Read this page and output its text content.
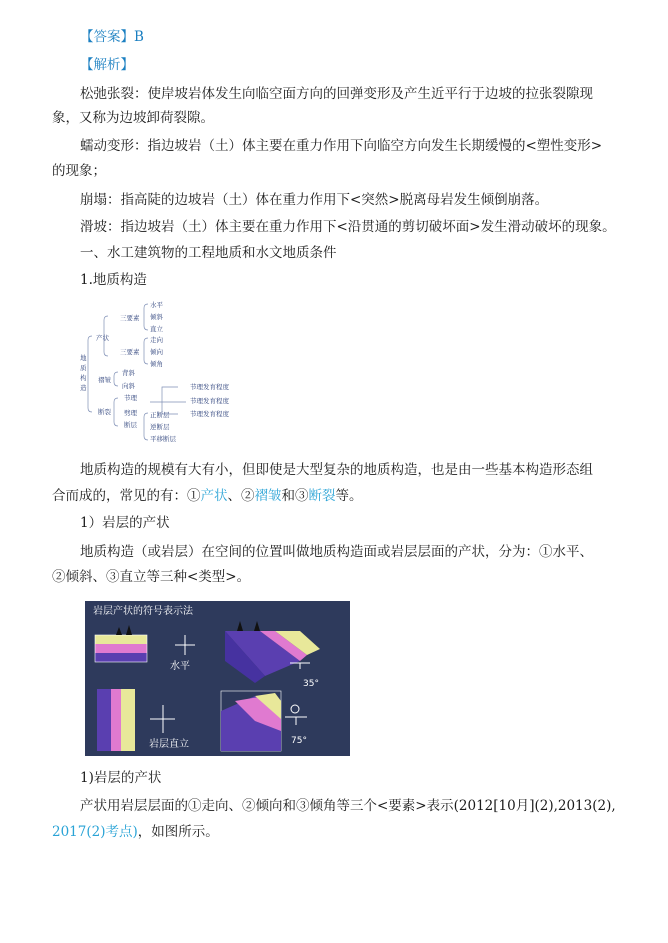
【答案】B
【解析】
松弛张裂：使岸坡岩体发生向临空面方向的回弹变形及产生近平行于边坡的拉张裂隙现
象，又称为边坡卸荷裂隙。
蠕动变形：指边坡岩（土）体主要在重力作用下向临空方向发生长期缓慢的<塑性变形>
的现象；
崩塌：指高陡的边坡岩（土）体在重力作用下<突然>脱离母岩发生倾倒崩落。
滑坡：指边坡岩（土）体主要在重力作用下<沿贯通的剪切破坏面>发生滑动破坏的现象。
一、水工建筑物的工程地质和水文地质条件
1.地质构造
地
质
构
造
产状
褶皱
断裂
三要素
三要素
水平
倾斜
直立
走向
倾向
倾角
背斜
向斜
节理
劈理
断层
节理发育程度
节理发育程度
节理发育程度
正断层
逆断层
平移断层
地质构造的规模有大有小，但即使是大型复杂的地质构造，也是由一些基本构造形态组
合而成的，常见的有：①产状、②褶皱和③断裂等。
1）岩层的产状
地质构造（或岩层）在空间的位置叫做地质构造面或岩层层面的产状，分为：①水平、
②倾斜、③直立等三种<类型>。
岩层产状的符号表示法
水平
35°
岩层直立	75°
1)岩层的产状
产状用岩层层面的①走向、②倾向和③倾角等三个<要素>表示(2012[10月](2),2013(2),
2017(2)考点)，如图所示。
